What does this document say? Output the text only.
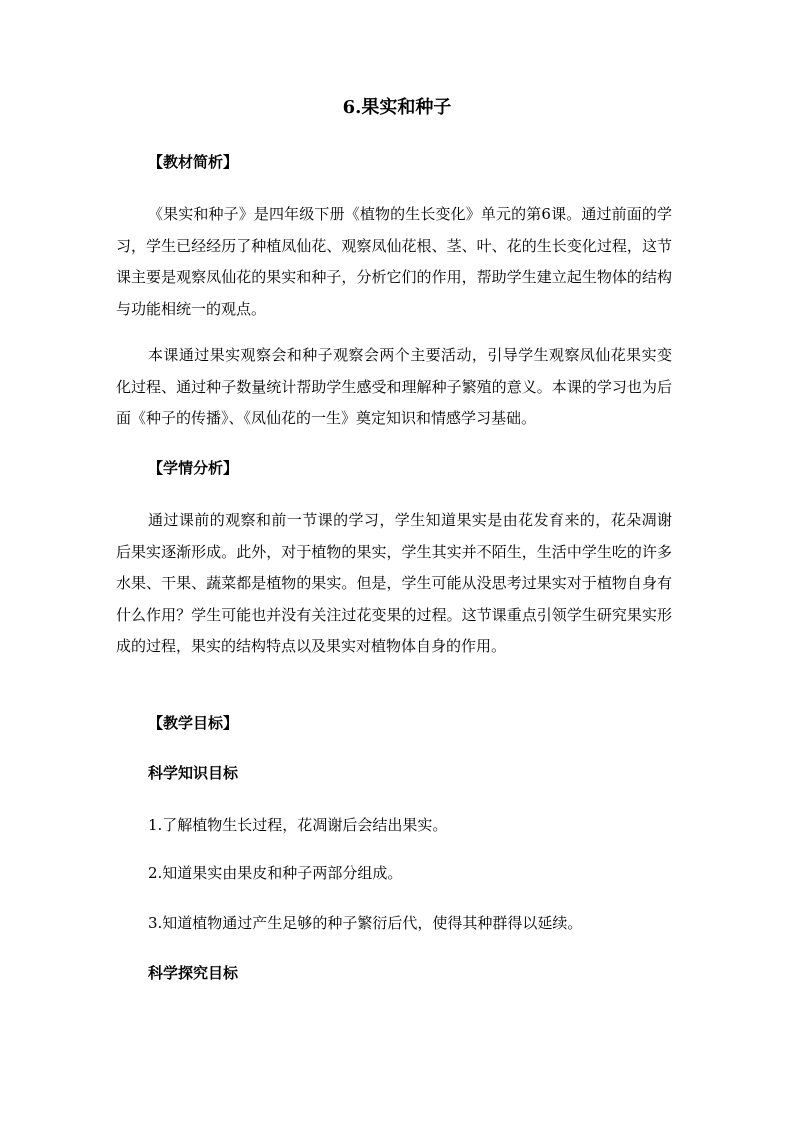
6.果实和种子
【教材简析】

《果实和种子》是四年级下册《植物的生长变化》单元的第6课。通过前面的学习，学生已经经历了种植凤仙花、观察凤仙花根、茎、叶、花的生长变化过程，这节课主要是观察凤仙花的果实和种子，分析它们的作用，帮助学生建立起生物体的结构与功能相统一的观点。

本课通过果实观察会和种子观察会两个主要活动，引导学生观察凤仙花果实变化过程、通过种子数量统计帮助学生感受和理解种子繁殖的意义。本课的学习也为后面《种子的传播》、《凤仙花的一生》奠定知识和情感学习基础。

【学情分析】

通过课前的观察和前一节课的学习，学生知道果实是由花发育来的，花朵凋谢后果实逐渐形成。此外，对于植物的果实，学生其实并不陌生，生活中学生吃的许多水果、干果、蔬菜都是植物的果实。但是，学生可能从没思考过果实对于植物自身有什么作用？学生可能也并没有关注过花变果的过程。这节课重点引领学生研究果实形成的过程，果实的结构特点以及果实对植物体自身的作用。

【教学目标】
科学知识目标

1.了解植物生长过程，花凋谢后会结出果实。

2.知道果实由果皮和种子两部分组成。

3.知道植物通过产生足够的种子繁衍后代，使得其种群得以延续。

科学探究目标
